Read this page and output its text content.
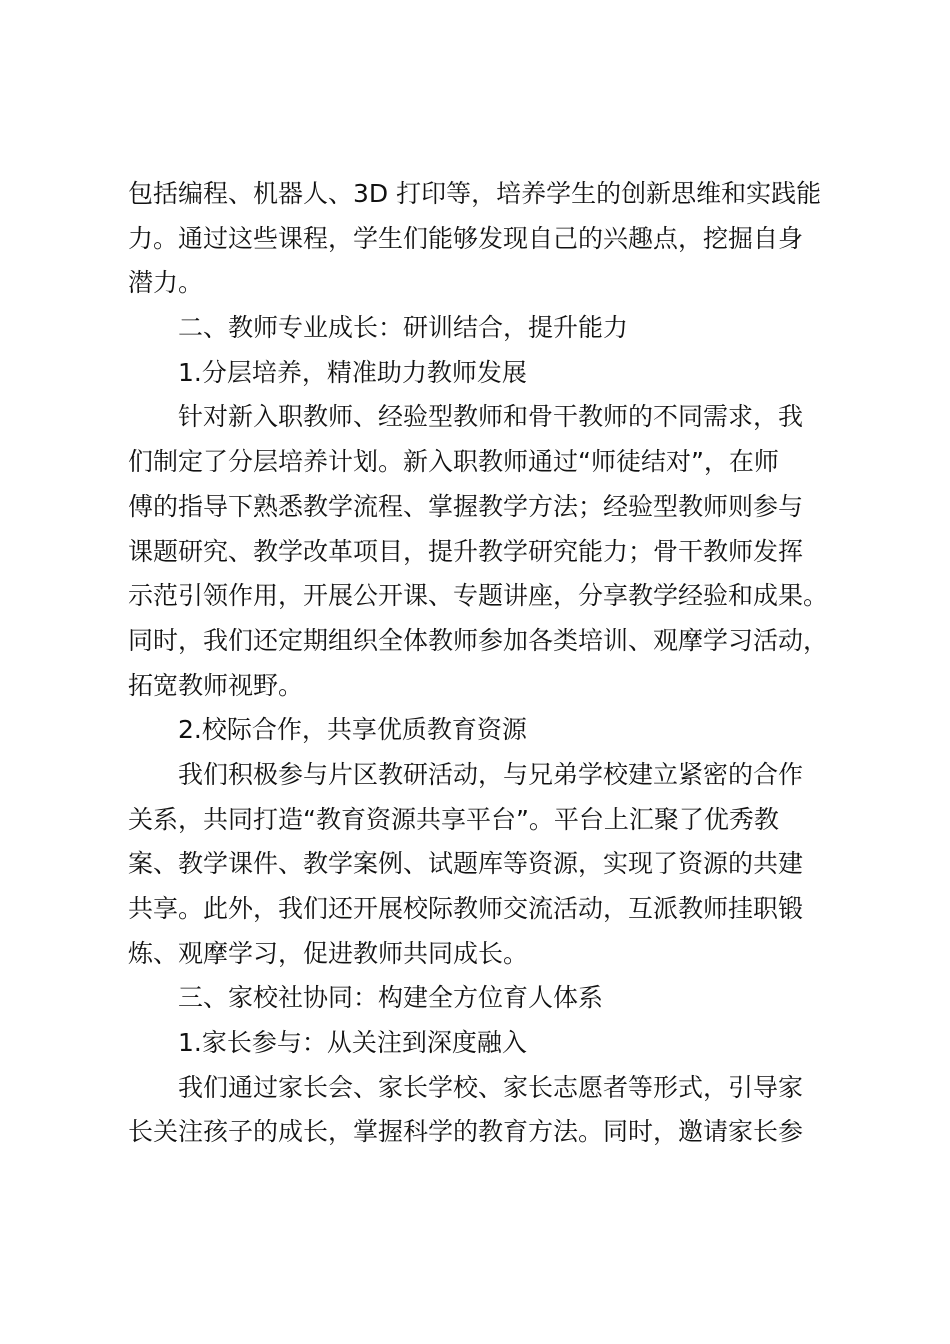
包括编程、机器人、3D 打印等，培养学生的创新思维和实践能
力。通过这些课程，学生们能够发现自己的兴趣点，挖掘自身
潜力。
二、教师专业成长：研训结合，提升能力
1.分层培养，精准助力教师发展
针对新入职教师、经验型教师和骨干教师的不同需求，我
们制定了分层培养计划。新入职教师通过“师徒结对”，在师
傅的指导下熟悉教学流程、掌握教学方法；经验型教师则参与
课题研究、教学改革项目，提升教学研究能力；骨干教师发挥
示范引领作用，开展公开课、专题讲座，分享教学经验和成果。
同时，我们还定期组织全体教师参加各类培训、观摩学习活动，
拓宽教师视野。
2.校际合作，共享优质教育资源
我们积极参与片区教研活动，与兄弟学校建立紧密的合作
关系，共同打造“教育资源共享平台”。平台上汇聚了优秀教
案、教学课件、教学案例、试题库等资源，实现了资源的共建
共享。此外，我们还开展校际教师交流活动，互派教师挂职锻
炼、观摩学习，促进教师共同成长。
三、家校社协同：构建全方位育人体系
1.家长参与：从关注到深度融入
我们通过家长会、家长学校、家长志愿者等形式，引导家
长关注孩子的成长，掌握科学的教育方法。同时，邀请家长参
